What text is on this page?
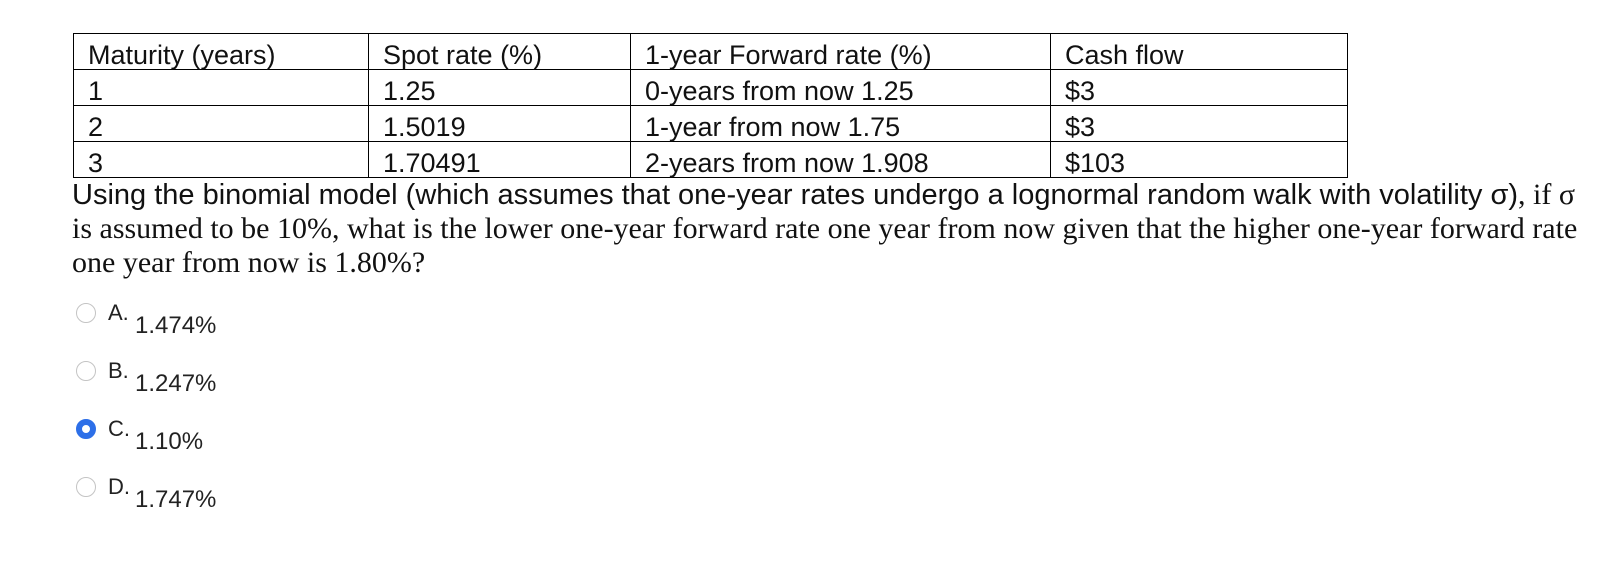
Maturity (years)	Spot rate (%)	1-year Forward rate (%)	Cash flow
1	1.25	0-years from now 1.25	$3
2	1.5019	1-year from now 1.75	$3
3	1.70491	2-years from now 1.908	$103
Using the binomial model (which assumes that one-year rates undergo a lognormal random walk with volatility σ), if σ is assumed to be 10%, what is the lower one-year forward rate one year from now given that the higher one-year forward rate one year from now is 1.80%?
A. 1.474%
B. 1.247%
C. 1.10%
D. 1.747%
